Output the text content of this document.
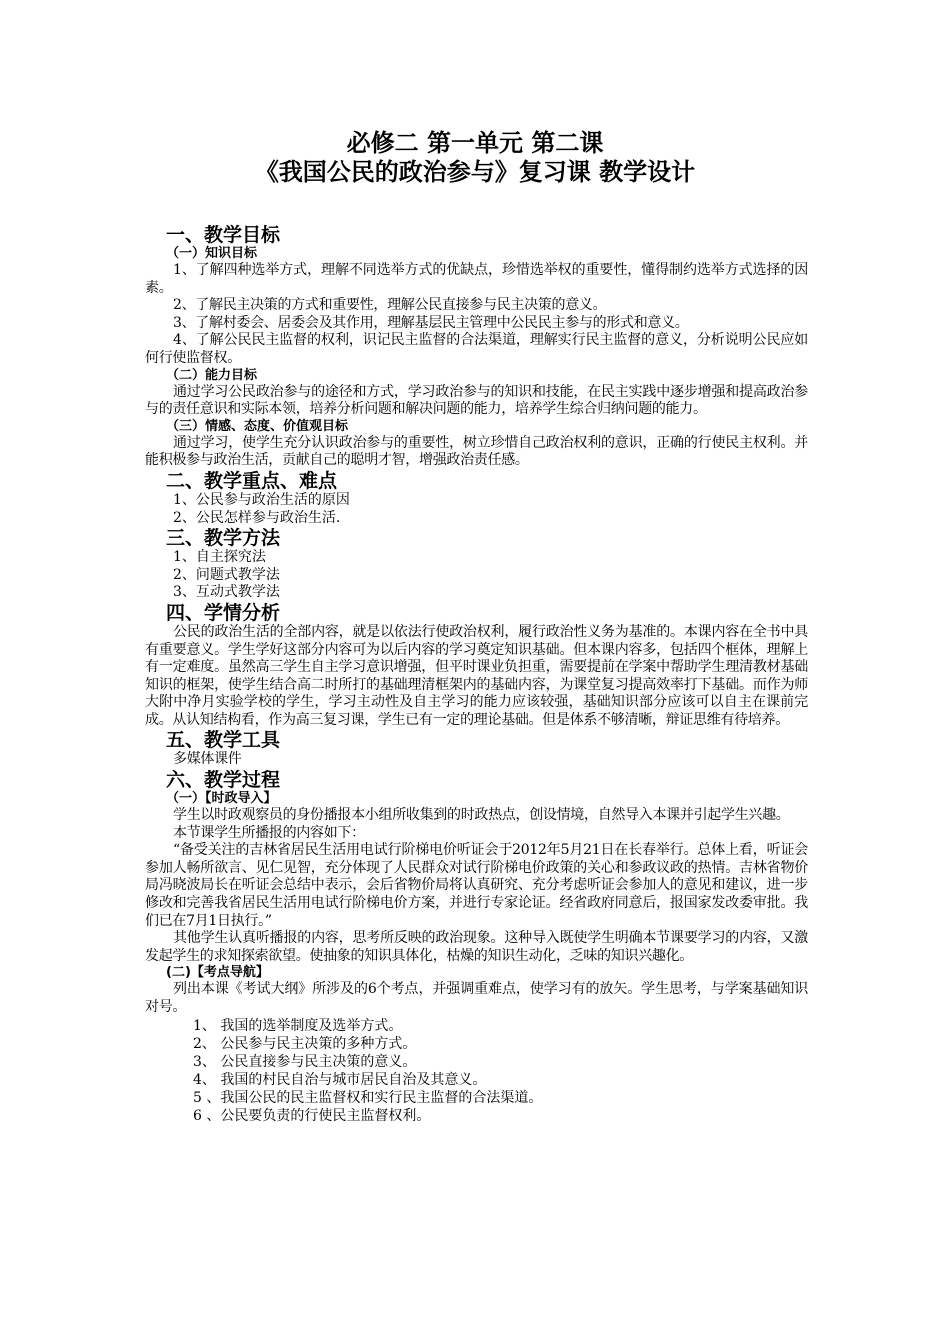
必修二 第一单元 第二课
《我国公民的政治参与》复习课 教学设计
一、教学目标
（一）知识目标
1、了解四种选举方式，理解不同选举方式的优缺点，珍惜选举权的重要性，懂得制约选举方式选择的因素。
2、了解民主决策的方式和重要性，理解公民直接参与民主决策的意义。
3、了解村委会、居委会及其作用，理解基层民主管理中公民民主参与的形式和意义。
4、了解公民民主监督的权利，识记民主监督的合法渠道，理解实行民主监督的意义，分析说明公民应如何行使监督权。
（二）能力目标
通过学习公民政治参与的途径和方式，学习政治参与的知识和技能，在民主实践中逐步增强和提高政治参与的责任意识和实际本领，培养分析问题和解决问题的能力，培养学生综合归纳问题的能力。
（三）情感、态度、价值观目标
通过学习，使学生充分认识政治参与的重要性，树立珍惜自己政治权利的意识，正确的行使民主权利。并能积极参与政治生活，贡献自己的聪明才智，增强政治责任感。
二、教学重点、难点
1、公民参与政治生活的原因
2、公民怎样参与政治生活.
三、教学方法
1、自主探究法
2、问题式教学法
3、互动式教学法
四、学情分析
公民的政治生活的全部内容，就是以依法行使政治权利，履行政治性义务为基准的。本课内容在全书中具有重要意义。学生学好这部分内容可为以后内容的学习奠定知识基础。但本课内容多，包括四个框体，理解上有一定难度。虽然高三学生自主学习意识增强，但平时课业负担重，需要提前在学案中帮助学生理清教材基础知识的框架，使学生结合高二时所打的基础理清框架内的基础内容，为课堂复习提高效率打下基础。而作为师大附中净月实验学校的学生，学习主动性及自主学习的能力应该较强，基础知识部分应该可以自主在课前完成。从认知结构看，作为高三复习课，学生已有一定的理论基础。但是体系不够清晰，辩证思维有待培养。
五、教学工具
多媒体课件
六、教学过程
（一）【时政导入】
学生以时政观察员的身份播报本小组所收集到的时政热点，创设情境，自然导入本课并引起学生兴趣。
本节课学生所播报的内容如下：
“备受关注的吉林省居民生活用电试行阶梯电价听证会于2012年5月21日在长春举行。总体上看，听证会参加人畅所欲言、见仁见智，充分体现了人民群众对试行阶梯电价政策的关心和参政议政的热情。吉林省物价局冯晓波局长在听证会总结中表示，会后省物价局将认真研究、充分考虑听证会参加人的意见和建议，进一步修改和完善我省居民生活用电试行阶梯电价方案，并进行专家论证。经省政府同意后，报国家发改委审批。我们已在7月1日执行。”
其他学生认真听播报的内容，思考所反映的政治现象。这种导入既使学生明确本节课要学习的内容，又激发起学生的求知探索欲望。使抽象的知识具体化，枯燥的知识生动化，乏味的知识兴趣化。
(二)【考点导航】
列出本课《考试大纲》所涉及的6个考点，并强调重难点，使学习有的放矢。学生思考，与学案基础知识对号。
1、 我国的选举制度及选举方式。
2、 公民参与民主决策的多种方式。
3、 公民直接参与民主决策的意义。
4、 我国的村民自治与城市居民自治及其意义。
5 、我国公民的民主监督权和实行民主监督的合法渠道。
6 、公民要负责的行使民主监督权利。
